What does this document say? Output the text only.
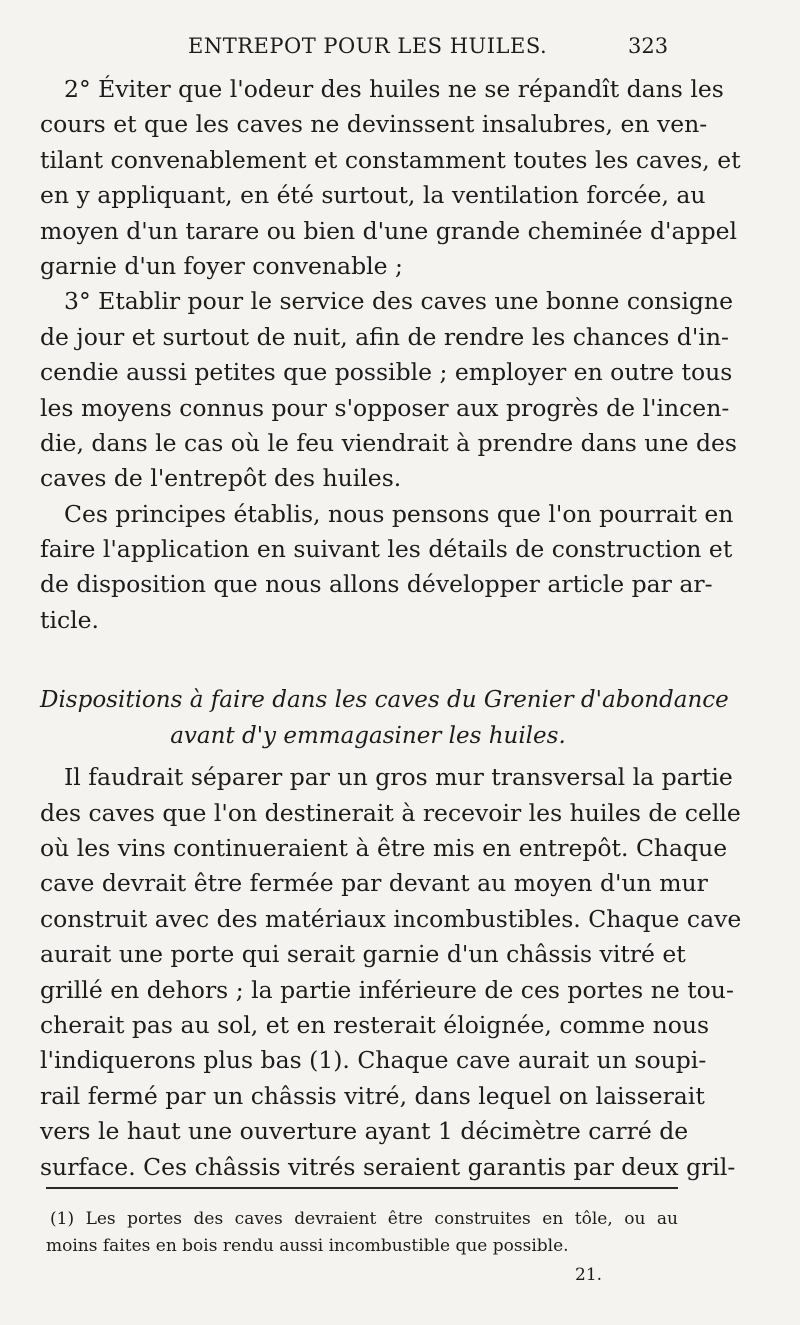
ENTREPOT POUR LES HUILES.	323
2° Éviter que l'odeur des huiles ne se répandît dans les
cours et que les caves ne devinssent insalubres, en ven-
tilant convenablement et constamment toutes les caves, et
en y appliquant, en été surtout, la ventilation forcée, au
moyen d'un tarare ou bien d'une grande cheminée d'appel
garnie d'un foyer convenable ;
3° Etablir pour le service des caves une bonne consigne
de jour et surtout de nuit, afin de rendre les chances d'in-
cendie aussi petites que possible ; employer en outre tous
les moyens connus pour s'opposer aux progrès de l'incen-
die, dans le cas où le feu viendrait à prendre dans une des
caves de l'entrepôt des huiles.
Ces principes établis, nous pensons que l'on pourrait en
faire l'application en suivant les détails de construction et
de disposition que nous allons développer article par ar-
ticle.
Dispositions à faire dans les caves du Grenier d'abondance
avant d'y emmagasiner les huiles.
Il faudrait séparer par un gros mur transversal la partie
des caves que l'on destinerait à recevoir les huiles de celle
où les vins continueraient à être mis en entrepôt. Chaque
cave devrait être fermée par devant au moyen d'un mur
construit avec des matériaux incombustibles. Chaque cave
aurait une porte qui serait garnie d'un châssis vitré et
grillé en dehors ; la partie inférieure de ces portes ne tou-
cherait pas au sol, et en resterait éloignée, comme nous
l'indiquerons plus bas (1). Chaque cave aurait un soupi-
rail fermé par un châssis vitré, dans lequel on laisserait
vers le haut une ouverture ayant 1 décimètre carré de
surface. Ces châssis vitrés seraient garantis par deux gril-
(1) Les portes des caves devraient être construites en tôle, ou au
moins faites en bois rendu aussi incombustible que possible.
21.
